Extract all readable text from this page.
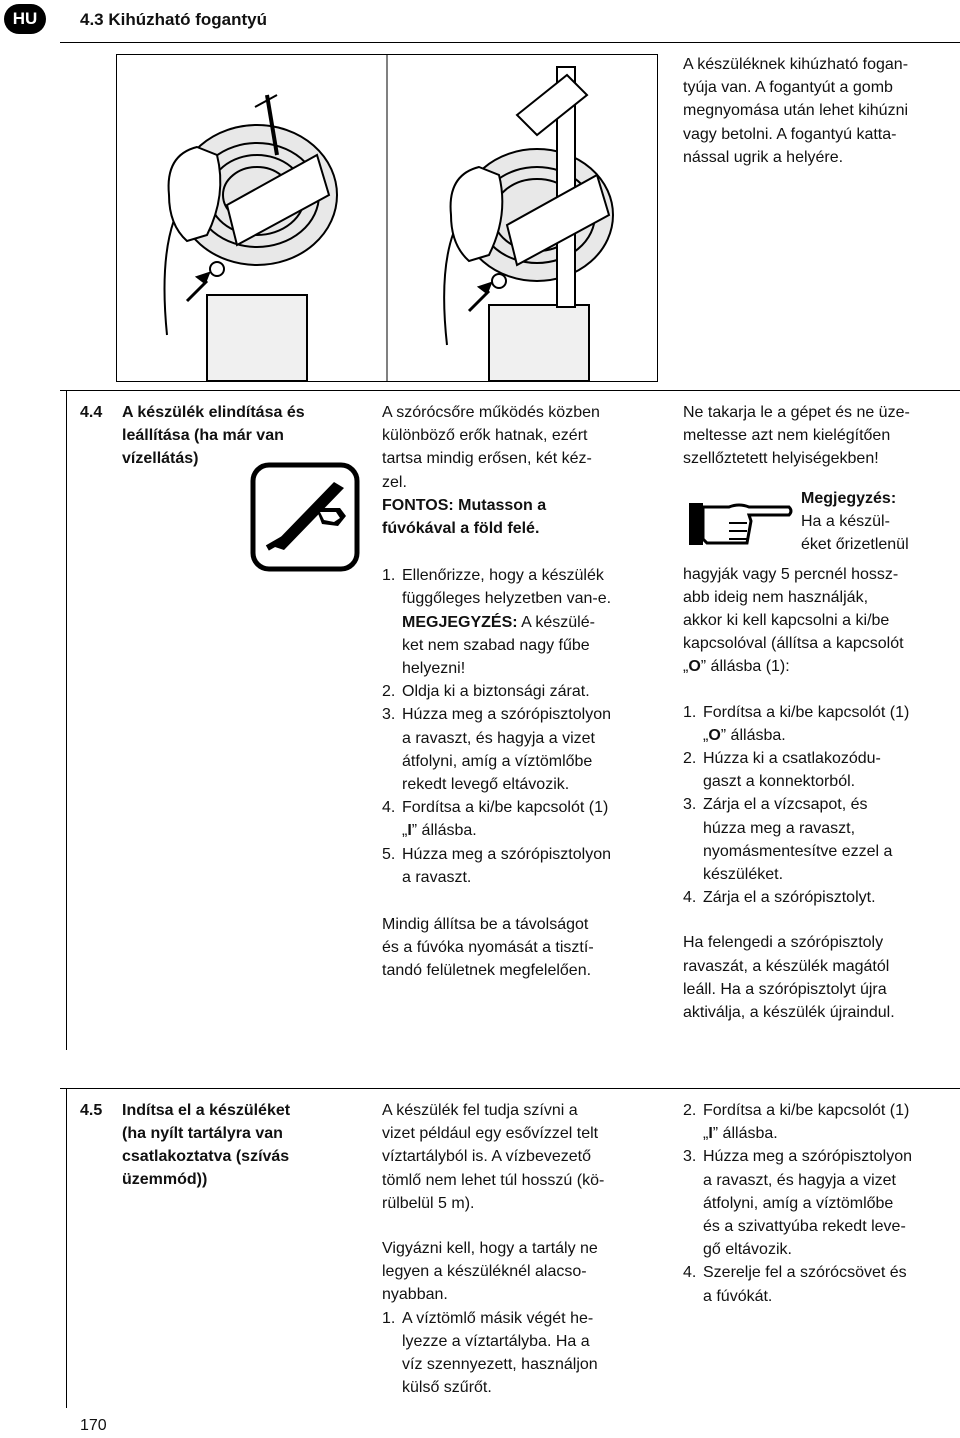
HU	4.3 Kihúzható fogantyú
A készüléknek kihúzható fogan-
tyúja van. A fogantyút a gomb
megnyomása után lehet kihúzni
vagy betolni. A fogantyú katta-
nással ugrik a helyére.
4.4 A készülék elindítása és
leállítása (ha már van
vízellátás)

A szórócsőre működés közben
különböző erők hatnak, ezért
tartsa mindig erősen, két kéz-
zel.

FONTOS: Mutasson a
fúvókával a föld felé.

1. Ellenőrizze, hogy a készülék
függőleges helyzetben van-e.
MEGJEGYZÉS: A készülé-
ket nem szabad nagy fűbe
helyezni!
2. Oldja ki a biztonsági zárat.
3. Húzza meg a szórópisztolyon
a ravaszt, és hagyja a vizet
átfolyni, amíg a víztömlőbe
rekedt levegő eltávozik.
4. Fordítsa a ki/be kapcsolót (1)
„I” állásba.
5. Húzza meg a szórópisztolyon
a ravaszt.

Mindig állítsa be a távolságot
és a fúvóka nyomását a tisztí-
tandó felületnek megfelelően.

Ne takarja le a gépet és ne üze-
meltesse azt nem kielégítően
szellőztetett helyiségekben!

Megjegyzés:
Ha a készül-
éket őrizetlenül

hagyják vagy 5 percnél hossz-
abb ideig nem használják,
akkor ki kell kapcsolni a ki/be
kapcsolóval (állítsa a kapcsolót
„O” állásba (1):

1. Fordítsa a ki/be kapcsolót (1)
„O” állásba.
2. Húzza ki a csatlakozódu-
gaszt a konnektorból.
3. Zárja el a vízcsapot, és
húzza meg a ravaszt,
nyomásmentesítve ezzel a
készüléket.
4. Zárja el a szórópisztolyt.

Ha felengedi a szórópisztoly
ravaszát, a készülék magától
leáll. Ha a szórópisztolyt újra
aktiválja, a készülék újraindul.

4.5 Indítsa el a készüléket
(ha nyílt tartályra van
csatlakoztatva (szívás
üzemmód))

A készülék fel tudja szívni a
vizet például egy esővízzel telt
víztartályból is. A vízbevezető
tömlő nem lehet túl hosszú (kö-
rülbelül 5 m).

Vigyázni kell, hogy a tartály ne
legyen a készüléknél alacso-
nyabban.

1. A víztömlő másik végét he-
lyezze a víztartályba. Ha a
víz szennyezett, használjon
külső szűrőt.
2. Fordítsa a ki/be kapcsolót (1)
„I” állásba.
3. Húzza meg a szórópisztolyon
a ravaszt, és hagyja a vizet
átfolyni, amíg a víztömlőbe
és a szivattyúba rekedt leve-
gő eltávozik.
4. Szerelje fel a szórócsövet és
a fúvókát.
170
